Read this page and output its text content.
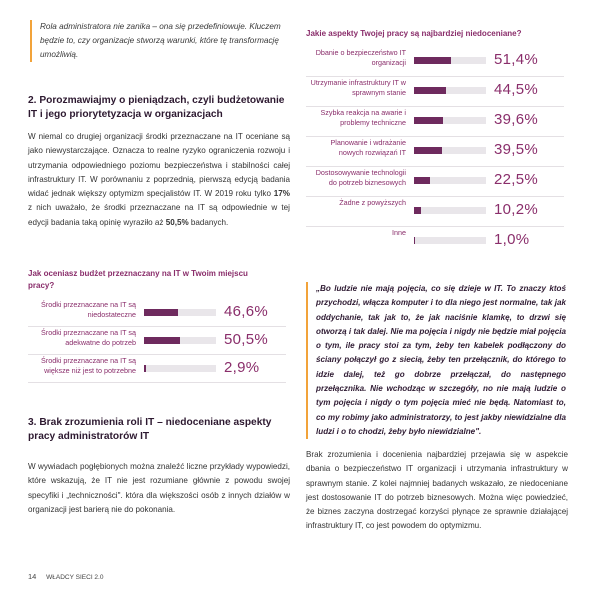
Rola administratora nie zanika – ona się przedefiniowuje. Kluczem będzie to, czy organizacje stworzą warunki, które tę transformację umożliwią.
2. Porozmawiajmy o pieniądzach, czyli budżetowanie IT i jego priorytetyzacja w organizacjach

W niemal co drugiej organizacji środki przeznaczane na IT oceniane są jako niewystarczające. Oznacza to realne ryzyko ograniczenia rozwoju i utrzymania odpowiedniego poziomu bezpieczeństwa i stabilności całej infrastruktury IT. W porównaniu z poprzednią, pierwszą edycją badania widać jednak większy optymizm specjalistów IT. W 2019 roku tylko 17% z nich uważało, że środki przeznaczane na IT są odpowiednie w tej edycji badania taką opinię wyraziło aż 50,5% badanych.

Jak oceniasz budżet przeznaczany na IT w Twoim miejscu pracy?
Środki przeznaczane na IT są niedostateczne	46,6%
Środki przeznaczane na IT są adekwatne do potrzeb	50,5%
Środki przeznaczane na IT są większe niż jest to potrzebne	2,9%
3. Brak zrozumienia roli IT – niedoceniane aspekty pracy administratorów IT

W wywiadach pogłębionych można znaleźć liczne przykłady wypowiedzi, które wskazują, że IT nie jest rozumiane głównie z powodu swojej specyfiki i „techniczności". która dla większości osób z innych działów w organizacji jest barierą nie do pokonania.

Jakie aspekty Twojej pracy są najbardziej niedoceniane?
Dbanie o bezpieczeństwo IT organizacji	51,4%
Utrzymanie infrastruktury IT w sprawnym stanie	44,5%
Szybka reakcja na awarie i problemy techniczne	39,6%
Planowanie i wdrażanie nowych rozwiązań IT	39,5%
Dostosowywanie technologii do potrzeb biznesowych	22,5%
Żadne z powyższych	10,2%
Inne	1,0%
„Bo ludzie nie mają pojęcia, co się dzieje w IT. To znaczy ktoś przychodzi, włącza komputer i to dla niego jest normalne, tak jak oddychanie, tak jak to, że jak naciśnie klamkę, to drzwi się otworzą i tak dalej. Nie ma pojęcia i nigdy nie będzie miał pojęcia o tym, ile pracy stoi za tym, żeby ten kabelek podłączony do ściany połączył go z siecią, żeby ten przełącznik, do którego to idzie dalej, też go dobrze przełączał, do następnego przełącznika. Nie wchodząc w szczegóły, no nie mają ludzie o tym pojęcia i nigdy o tym pojęcia mieć nie będą. Natomiast to, co my robimy jako administratorzy, to jest jakby niewidzialne dla ludzi i o to chodzi, żeby było niewidzialne".

Brak zrozumienia i docenienia najbardziej przejawia się w aspekcie dbania o bezpieczeństwo IT organizacji i utrzymania infrastruktury w sprawnym stanie. Z kolei najmniej badanych wskazało, ze niedoceniane jest dostosowanie IT do potrzeb biznesowych. Można więc powiedzieć, że biznes zaczyna dostrzegać korzyści płynące ze sprawnie działającej infrastruktury IT, co jest powodem do optymizmu.

14 WŁADCY SIECI 2.0
